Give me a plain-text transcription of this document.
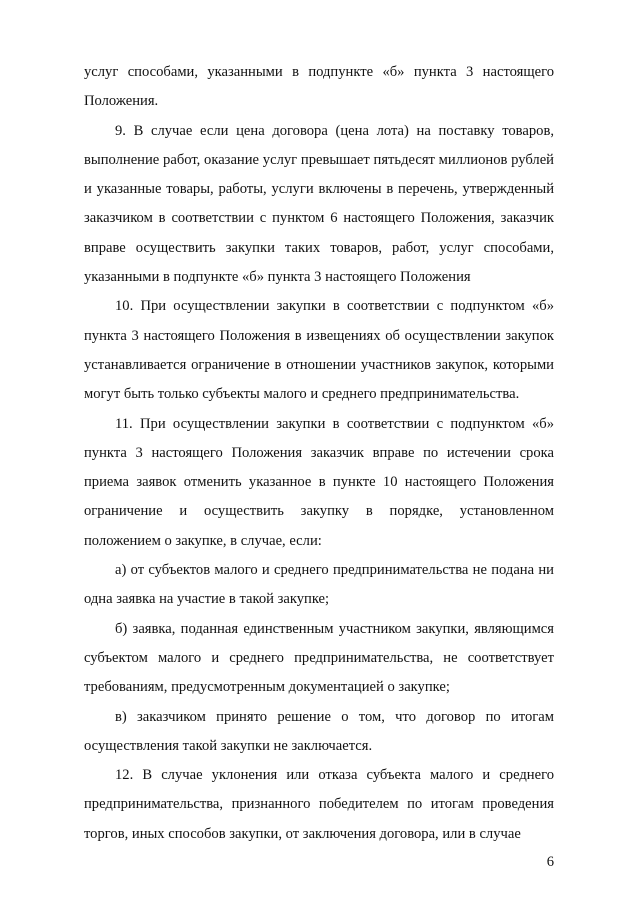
услуг способами, указанными в подпункте «б» пункта 3 настоящего Положения.

9. В случае если цена договора (цена лота) на поставку товаров, выполнение работ, оказание услуг превышает пятьдесят миллионов рублей и указанные товары, работы, услуги включены в перечень, утвержденный заказчиком в соответствии с пунктом 6 настоящего Положения, заказчик вправе осуществить закупки таких товаров, работ, услуг способами, указанными в подпункте «б» пункта 3 настоящего Положения

10. При осуществлении закупки в соответствии с подпунктом «б» пункта 3 настоящего Положения в извещениях об осуществлении закупок устанавливается ограничение в отношении участников закупок, которыми могут быть только субъекты малого и среднего предпринимательства.

11. При осуществлении закупки в соответствии с подпунктом «б» пункта 3 настоящего Положения заказчик вправе по истечении срока приема заявок отменить указанное в пункте 10 настоящего Положения ограничение и осуществить закупку в порядке, установленном положением о закупке, в случае, если:

а) от субъектов малого и среднего предпринимательства не подана ни одна заявка на участие в такой закупке;

б) заявка, поданная единственным участником закупки, являющимся субъектом малого и среднего предпринимательства, не соответствует требованиям, предусмотренным документацией о закупке;

в) заказчиком принято решение о том, что договор по итогам осуществления такой закупки не заключается.

12. В случае уклонения или отказа субъекта малого и среднего предпринимательства, признанного победителем по итогам проведения торгов, иных способов закупки, от заключения договора, или в случае

6
